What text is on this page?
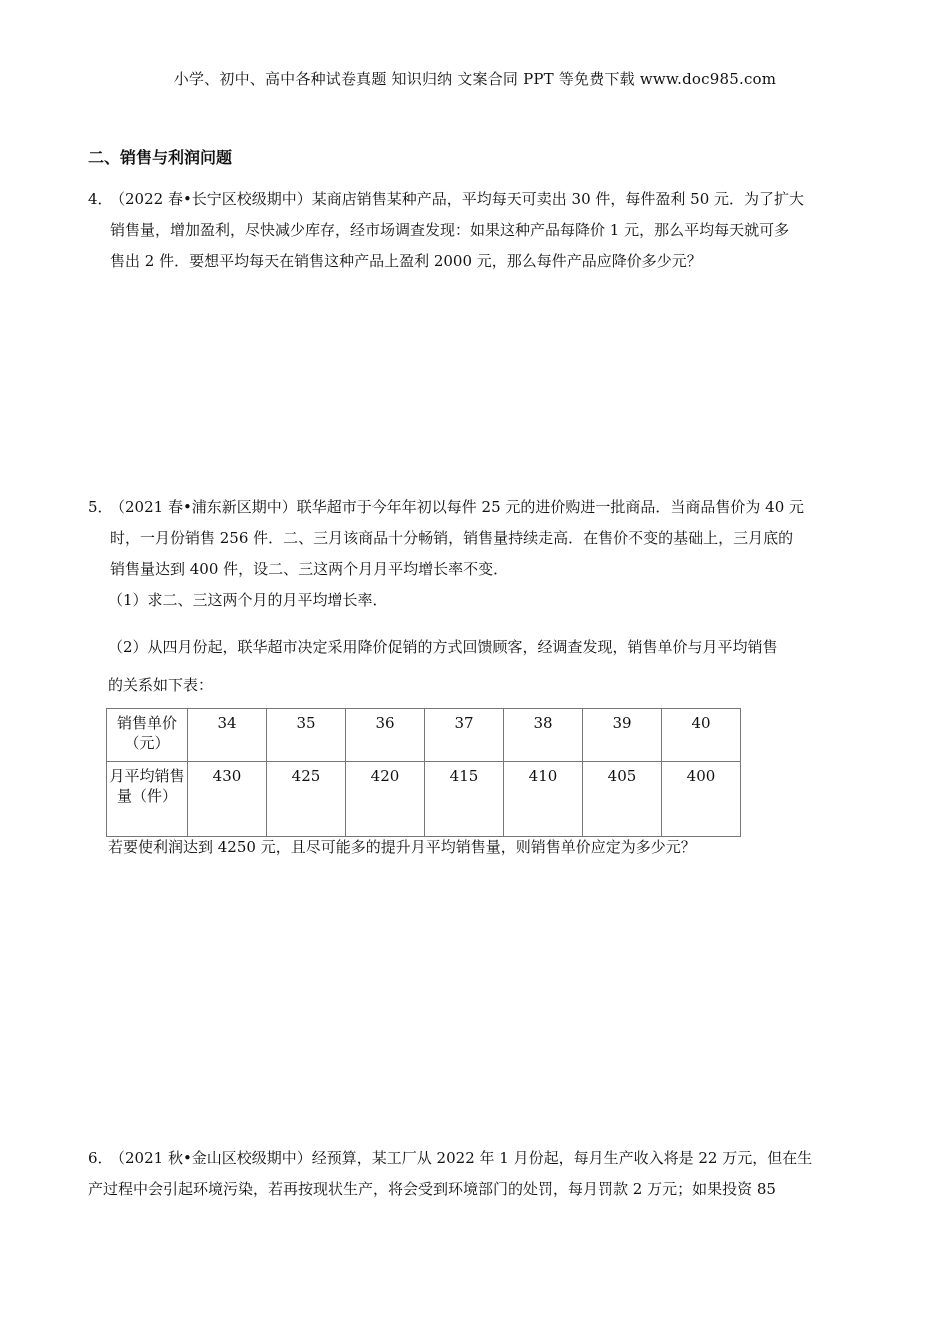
小学、初中、高中各种试卷真题 知识归纳 文案合同 PPT 等免费下载 www.doc985.com
二、销售与利润问题
4．（2022 春•长宁区校级期中）某商店销售某种产品，平均每天可卖出 30 件，每件盈利 50 元．为了扩大
销售量，增加盈利，尽快减少库存，经市场调查发现：如果这种产品每降价 1 元，那么平均每天就可多
售出 2 件．要想平均每天在销售这种产品上盈利 2000 元，那么每件产品应降价多少元？
5．（2021 春•浦东新区期中）联华超市于今年年初以每件 25 元的进价购进一批商品．当商品售价为 40 元
时，一月份销售 256 件．二、三月该商品十分畅销，销售量持续走高．在售价不变的基础上，三月底的
销售量达到 400 件，设二、三这两个月月平均增长率不变．
（1）求二、三这两个月的月平均增长率．
（2）从四月份起，联华超市决定采用降价促销的方式回馈顾客，经调查发现，销售单价与月平均销售
的关系如下表：
销售单价（元）	34	35	36	37	38	39	40
月平均销售量（件）	430	425	420	415	410	405	400
若要使利润达到 4250 元，且尽可能多的提升月平均销售量，则销售单价应定为多少元？
6．（2021 秋•金山区校级期中）经预算，某工厂从 2022 年 1 月份起，每月生产收入将是 22 万元，但在生
产过程中会引起环境污染，若再按现状生产，将会受到环境部门的处罚，每月罚款 2 万元；如果投资 85
